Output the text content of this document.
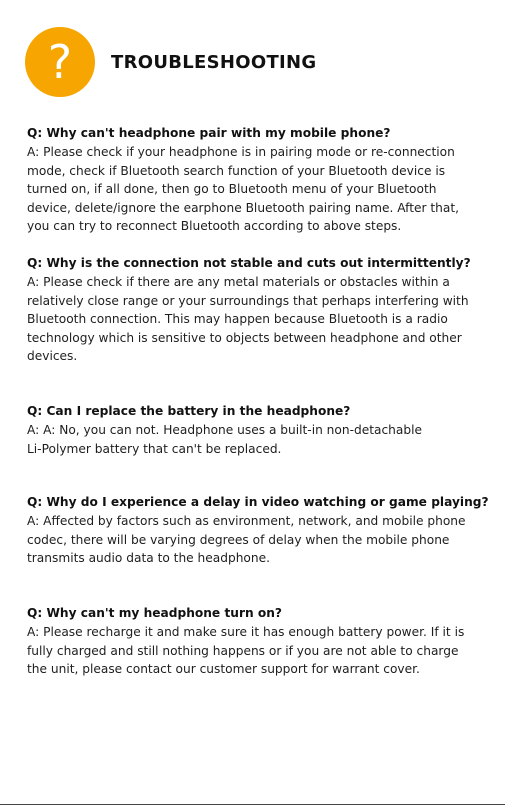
? TROUBLESHOOTING
Q: Why can't headphone pair with my mobile phone?
A: Please check if your headphone is in pairing mode or re-connection
mode, check if Bluetooth search function of your Bluetooth device is
turned on, if all done, then go to Bluetooth menu of your Bluetooth
device, delete/ignore the earphone Bluetooth pairing name. After that,
you can try to reconnect Bluetooth according to above steps.
Q: Why is the connection not stable and cuts out intermittently?
A: Please check if there are any metal materials or obstacles within a
relatively close range or your surroundings that perhaps interfering with
Bluetooth connection. This may happen because Bluetooth is a radio
technology which is sensitive to objects between headphone and other
devices.
Q: Can I replace the battery in the headphone?
A: A: No, you can not. Headphone uses a built-in non-detachable
Li-Polymer battery that can't be replaced.
Q: Why do I experience a delay in video watching or game playing?
A: Affected by factors such as environment, network, and mobile phone
codec, there will be varying degrees of delay when the mobile phone
transmits audio data to the headphone.
Q: Why can't my headphone turn on?
A: Please recharge it and make sure it has enough battery power. If it is
fully charged and still nothing happens or if you are not able to charge
the unit, please contact our customer support for warrant cover.
